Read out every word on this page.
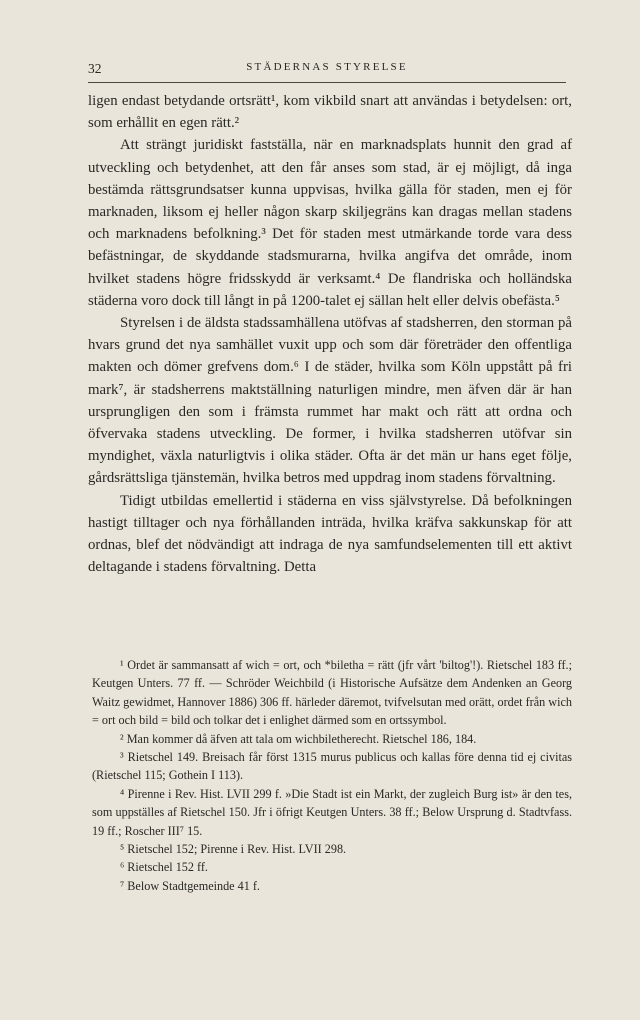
32	STÄDERNAS STYRELSE

ligen endast betydande ortsrätt¹, kom vikbild snart att användas i betydelsen: ort, som erhållit en egen rätt.²

Att strängt juridiskt fastställa, när en marknadsplats hunnit den grad af utveckling och betydenhet, att den får anses som stad, är ej möjligt, då inga bestämda rättsgrundsatser kunna uppvisas, hvilka gälla för staden, men ej för marknaden, liksom ej heller någon skarp skiljegräns kan dragas mellan stadens och marknadens befolkning.³ Det för staden mest utmärkande torde vara dess befästningar, de skyddande stadsmurarna, hvilka angifva det område, inom hvilket stadens högre fridsskydd är verksamt.⁴ De flandriska och holländska städerna voro dock till långt in på 1200-talet ej sällan helt eller delvis obefästa.⁵

Styrelsen i de äldsta stadssamhällena utöfvas af stadsherren, den storman på hvars grund det nya samhället vuxit upp och som där företräder den offentliga makten och dömer grefvens dom.⁶ I de städer, hvilka som Köln uppstått på fri mark⁷, är stadsherrens maktställning naturligen mindre, men äfven där är han ursprungligen den som i främsta rummet har makt och rätt att ordna och öfvervaka stadens utveckling. De former, i hvilka stadsherren utöfvar sin myndighet, växla naturligtvis i olika städer. Ofta är det män ur hans eget följe, gårdsrättsliga tjänstemän, hvilka betros med uppdrag inom stadens förvaltning.

Tidigt utbildas emellertid i städerna en viss självstyrelse. Då befolkningen hastigt tilltager och nya förhållanden inträda, hvilka kräfva sakkunskap för att ordnas, blef det nödvändigt att indraga de nya samfundselementen till ett aktivt deltagande i stadens förvaltning. Detta

¹ Ordet är sammansatt af wich = ort, och *biletha = rätt (jfr vårt 'biltog'!). Rietschel 183 ff.; Keutgen Unters. 77 ff. — Schröder Weichbild (i Historische Aufsätze dem Andenken an Georg Waitz gewidmet, Hannover 1886) 306 ff. härleder däremot, tvifvelsutan med orätt, ordet från wich = ort och bild = bild och tolkar det i enlighet därmed som en ortssymbol.

² Man kommer då äfven att tala om wichbiletherecht. Rietschel 186, 184.

³ Rietschel 149. Breisach får först 1315 murus publicus och kallas före denna tid ej civitas (Rietschel 115; Gothein I 113).

⁴ Pirenne i Rev. Hist. LVII 299 f. »Die Stadt ist ein Markt, der zugleich Burg ist» är den tes, som uppställes af Rietschel 150. Jfr i öfrigt Keutgen Unters. 38 ff.; Below Ursprung d. Stadtvfass. 19 ff.; Roscher III⁷ 15.

⁵ Rietschel 152; Pirenne i Rev. Hist. LVII 298.

⁶ Rietschel 152 ff.

⁷ Below Stadtgemeinde 41 f.
